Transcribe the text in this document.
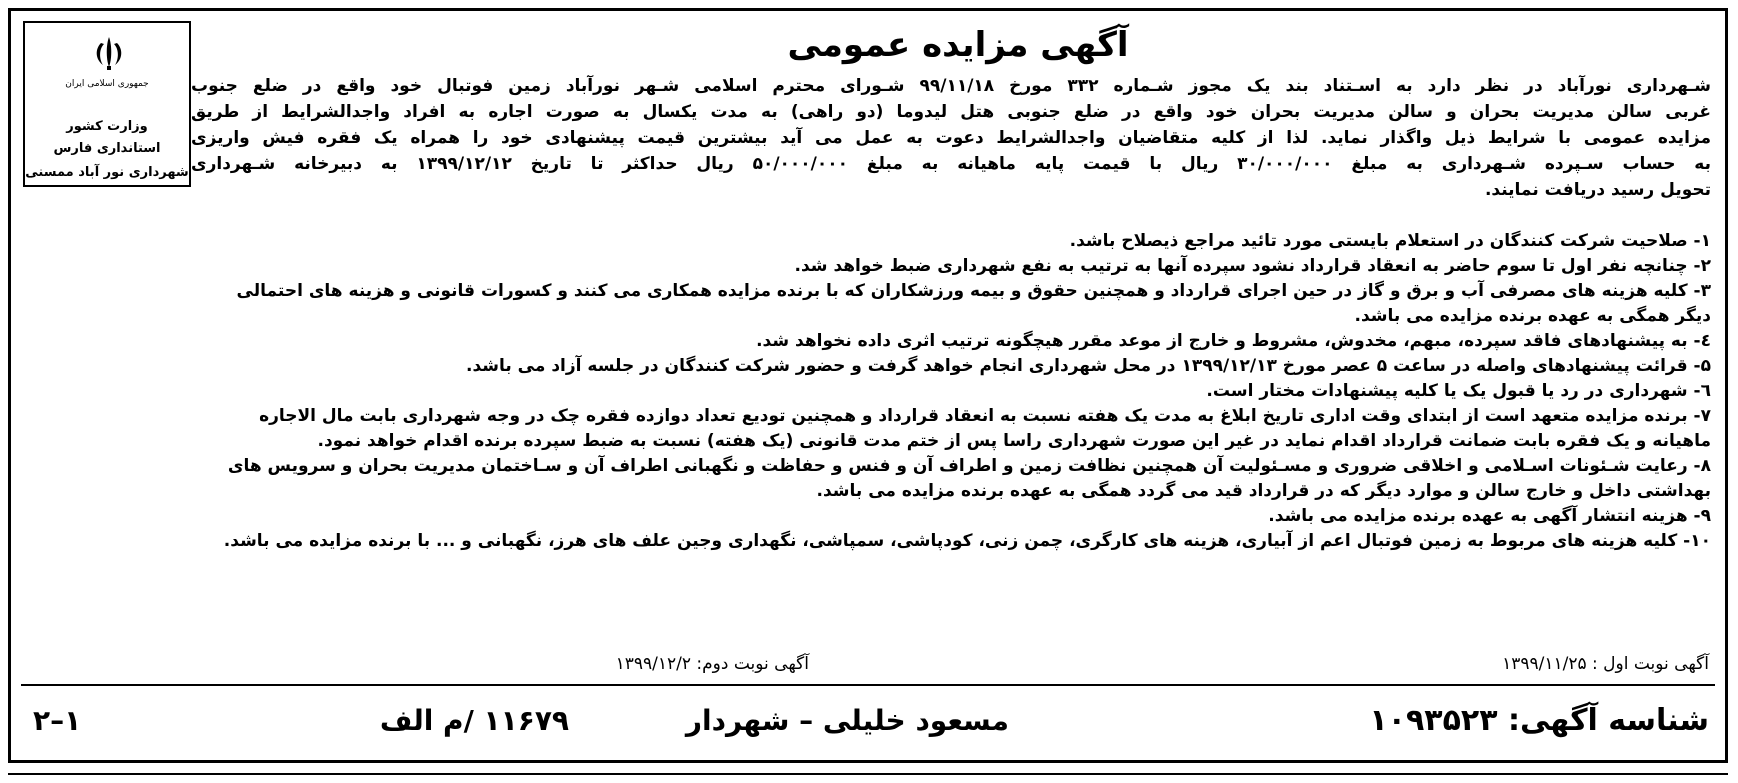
جمهوری اسلامی ایران
وزارت کشور
استانداری فارس
شهرداری نور آباد ممسنی
آگهی مزایده عمومی
شـهرداری نورآباد در نظر دارد به اسـتناد بند یک مجوز شـماره ۳۳۲ مورخ ۹۹/۱۱/۱۸ شـورای محترم اسلامی شـهر نورآباد زمین فوتبال خود واقع در ضلع جنوب
غربی سالن مدیریت بحران و سالن مدیریت بحران خود واقع در ضلع جنوبی هتل لیدوما (دو راهی) به مدت یکسال به صورت اجاره به افراد واجدالشرایط از طریق
مزایده عمومی با شرایط ذیل واگذار نماید. لذا از کلیه متقاضیان واجدالشرایط دعوت به عمل می آید بیشترین قیمت پیشنهادی خود را همراه یک فقره فیش واریزی
به حساب سـپرده شـهرداری به مبلغ ۳۰/۰۰۰/۰۰۰ ریال با قیمت پایه ماهیانه به مبلغ ۵۰/۰۰۰/۰۰۰ ریال حداکثر تا تاریخ ۱۳۹۹/۱۲/۱۲ به دبیرخانه شـهرداری
تحویل رسید دریافت نمایند.

۱- صلاحیت شرکت کنندگان در استعلام بایستی مورد تائید مراجع ذیصلاح باشد.

۲- چنانچه نفر اول تا سوم حاضر به انعقاد قرارداد نشود سپرده آنها به ترتیب به نفع شهرداری ضبط خواهد شد.

۳- کلیه هزینه های مصرفی آب و برق و گاز در حین اجرای قرارداد و همچنین حقوق و بیمه ورزشکاران که با برنده مزایده همکاری می کنند و کسورات قانونی و هزینه های احتمالی

دیگر همگی به عهده برنده مزایده می باشد.

٤- به پیشنهادهای فاقد سپرده، مبهم، مخدوش، مشروط و خارج از موعد مقرر هیچگونه ترتیب اثری داده نخواهد شد.

۵- قرائت پیشنهادهای واصله در ساعت ۵ عصر مورخ ۱۳۹۹/۱۲/۱۳ در محل شهرداری انجام خواهد گرفت و حضور شرکت کنندگان در جلسه آزاد می باشد.

٦- شهرداری در رد یا قبول یک یا کلیه پیشنهادات مختار است.

۷- برنده مزایده متعهد است از ابتدای وقت اداری تاریخ ابلاغ به مدت یک هفته نسبت به انعقاد قرارداد و همچنین تودیع تعداد دوازده فقره چک در وجه شهرداری بابت مال الاجاره

ماهیانه و یک فقره بابت ضمانت قرارداد اقدام نماید در غیر این صورت شهرداری راسا پس از ختم مدت قانونی (یک هفته) نسبت به ضبط سپرده برنده اقدام خواهد نمود.

۸- رعایت شـئونات اسـلامی و اخلاقی ضروری و مسـئولیت آن همچنین نظافت زمین و اطراف آن و فنس و حفاظت و نگهبانی اطراف آن و سـاختمان مدیریت بحران و سرویس های

بهداشتی داخل و خارج سالن و موارد دیگر که در قرارداد قید می گردد همگی به عهده برنده مزایده می باشد.

۹- هزینه انتشار آگهی به عهده برنده مزایده می باشد.

۱۰- کلیه هزینه های مربوط به زمین فوتبال اعم از آبیاری، هزینه های کارگری، چمن زنی، کودپاشی، سمپاشی، نگهداری وجین علف های هرز، نگهبانی و ... با برنده مزایده می باشد.

آگهی نوبت اول : ۱۳۹۹/۱۱/۲۵
آگهی نوبت دوم: ۱۳۹۹/۱۲/۲
شناسه آگهی: ۱۰۹۳۵۲۳
مسعود خلیلی – شهردار
۱۱۶۷۹ /م الف
۱–۲
